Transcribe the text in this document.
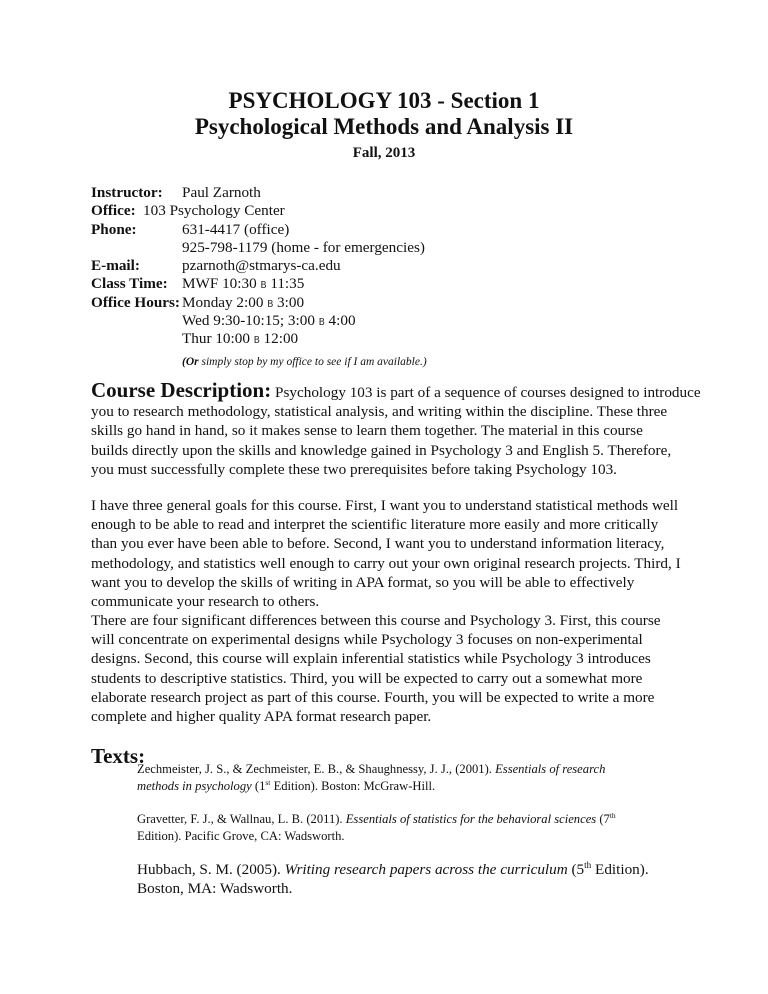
PSYCHOLOGY 103 - Section 1
Psychological Methods and Analysis II
Fall, 2013
Instructor: Paul Zarnoth
Office: 103 Psychology Center
Phone:	631-4417 (office)
925-798-1179 (home - for emergencies)
E-mail:	pzarnoth@stmarys-ca.edu
Class Time: MWF 10:30 B 11:35
Office Hours: Monday 2:00 B 3:00
Wed 9:30-10:15; 3:00 B 4:00
Thur 10:00 B 12:00
(Or simply stop by my office to see if I am available.)
Course Description: Psychology 103 is part of a sequence of courses designed to introduce
you to research methodology, statistical analysis, and writing within the discipline. These three
skills go hand in hand, so it makes sense to learn them together. The material in this course
builds directly upon the skills and knowledge gained in Psychology 3 and English 5. Therefore,
you must successfully complete these two prerequisites before taking Psychology 103.
I have three general goals for this course. First, I want you to understand statistical methods well
enough to be able to read and interpret the scientific literature more easily and more critically
than you ever have been able to before. Second, I want you to understand information literacy,
methodology, and statistics well enough to carry out your own original research projects. Third, I
want you to develop the skills of writing in APA format, so you will be able to effectively
communicate your research to others.
There are four significant differences between this course and Psychology 3. First, this course
will concentrate on experimental designs while Psychology 3 focuses on non-experimental
designs. Second, this course will explain inferential statistics while Psychology 3 introduces
students to descriptive statistics. Third, you will be expected to carry out a somewhat more
elaborate research project as part of this course. Fourth, you will be expected to write a more
complete and higher quality APA format research paper.
Texts:
Zechmeister, J. S., & Zechmeister, E. B., & Shaughnessy, J. J., (2001). Essentials of research
methods in psychology (1st Edition). Boston: McGraw-Hill.
Gravetter, F. J., & Wallnau, L. B. (2011). Essentials of statistics for the behavioral sciences (7th
Edition). Pacific Grove, CA: Wadsworth.
Hubbach, S. M. (2005). Writing research papers across the curriculum (5th Edition).
Boston, MA: Wadsworth.
